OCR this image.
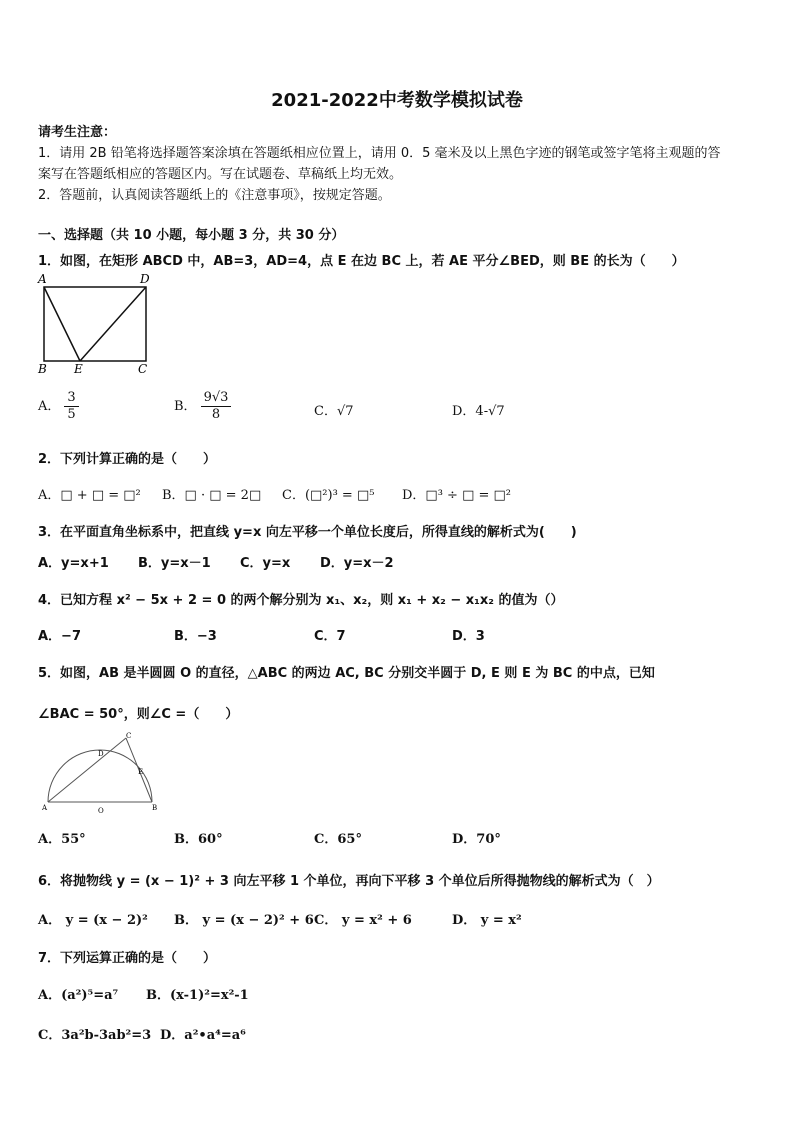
2021-2022中考数学模拟试卷
请考生注意：
1．请用 2B 铅笔将选择题答案涂填在答题纸相应位置上，请用 0．5 毫米及以上黑色字迹的钢笔或签字笔将主观题的答
案写在答题纸相应的答题区内。写在试题卷、草稿纸上均无效。
2．答题前，认真阅读答题纸上的《注意事项》，按规定答题。
一、选择题（共 10 小题，每小题 3 分，共 30 分）
1．如图，在矩形 ABCD 中，AB=3，AD=4，点 E 在边 BC 上，若 AE 平分∠BED，则 BE 的长为（　　）
A	D
B E	C
A． $\frac{3}{5}$	B． $\frac{9√3}{8}$	C．√7	D．4-√7
2．下列计算正确的是（　　）
A．□ + □ = □² B．□ · □ = 2□ C．(□²)³ = □⁵ D．□³ ÷ □ = □²
3．在平面直角坐标系中，把直线 y=x 向左平移一个单位长度后，所得直线的解析式为(　　)
A．y=x+1 B．y=x－1 C．y=x D．y=x－2
4．已知方程 x² − 5x + 2 = 0 的两个解分别为 x₁、x₂，则 x₁ + x₂ − x₁x₂ 的值为（）
A．−7	B．−3	C．7	D．3
5．如图，AB 是半圆圆 O 的直径，△ABC 的两边 AC, BC 分别交半圆于 D, E 则 E 为 BC 的中点，已知
∠BAC = 50°，则∠C =（　　）
A	B
C
D
E
O
A．55°	B．60°	C．65°	D．70°
6．将抛物线 y = (x − 1)² + 3 向左平移 1 个单位，再向下平移 3 个单位后所得抛物线的解析式为（　）
A． y = (x − 2)² B． y = (x − 2)² + 6 C． y = x² + 6	D． y = x²
7．下列运算正确的是（　　）
A．(a²)⁵=a⁷ B．(x-1)²=x²-1
C．3a²b-3ab²=3 D．a²•a⁴=a⁶
